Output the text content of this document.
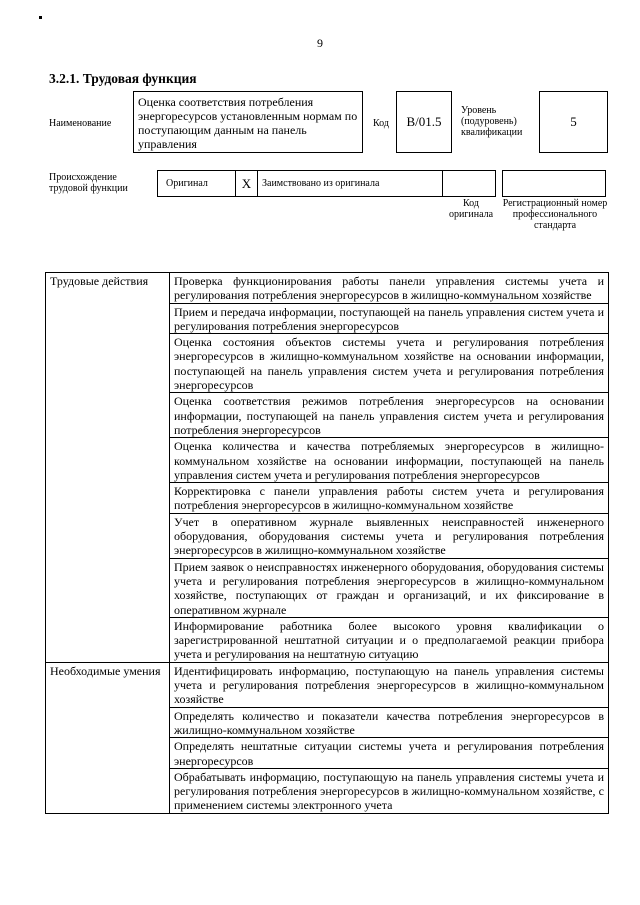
9
3.2.1. Трудовая функция
Наименование
Оценка соответствия потребления энергоресурсов установленным нормам по поступающим данным на панель управления
Код	В/01.5
Уровень (подуровень) квалификации
5
Происхождение трудовой функции	Оригинал	X	Заимствовано из оригинала
Код оригинала
Регистрационный номер профессионального стандарта
Трудовые действия	Проверка функционирования работы панели управления системы учета и регулирования потребления энергоресурсов в жилищно-коммунальном хозяйстве
	Прием и передача информации, поступающей на панель управления систем учета и регулирования потребления энергоресурсов
	Оценка состояния объектов системы учета и регулирования потребления энергоресурсов в жилищно-коммунальном хозяйстве на основании информации, поступающей на панель управления систем учета и регулирования потребления энергоресурсов
	Оценка соответствия режимов потребления энергоресурсов на основании информации, поступающей на панель управления систем учета и регулирования потребления энергоресурсов
	Оценка количества и качества потребляемых энергоресурсов в жилищно-коммунальном хозяйстве на основании информации, поступающей на панель управления систем учета и регулирования потребления энергоресурсов
	Корректировка с панели управления работы систем учета и регулирования потребления энергоресурсов в жилищно-коммунальном хозяйстве
	Учет в оперативном журнале выявленных неисправностей инженерного оборудования, оборудования системы учета и регулирования потребления энергоресурсов в жилищно-коммунальном хозяйстве
	Прием заявок о неисправностях инженерного оборудования, оборудования системы учета и регулирования потребления энергоресурсов в жилищно-коммунальном хозяйстве, поступающих от граждан и организаций, и их фиксирование в оперативном журнале
	Информирование работника более высокого уровня квалификации о зарегистрированной нештатной ситуации и о предполагаемой реакции прибора учета и регулирования на нештатную ситуацию
Необходимые умения	Идентифицировать информацию, поступающую на панель управления системы учета и регулирования потребления энергоресурсов в жилищно-коммунальном хозяйстве
	Определять количество и показатели качества потребления энергоресурсов в жилищно-коммунальном хозяйстве
	Определять нештатные ситуации системы учета и регулирования потребления энергоресурсов
	Обрабатывать информацию, поступающую на панель управления системы учета и регулирования потребления энергоресурсов в жилищно-коммунальном хозяйстве, с применением системы электронного учета
